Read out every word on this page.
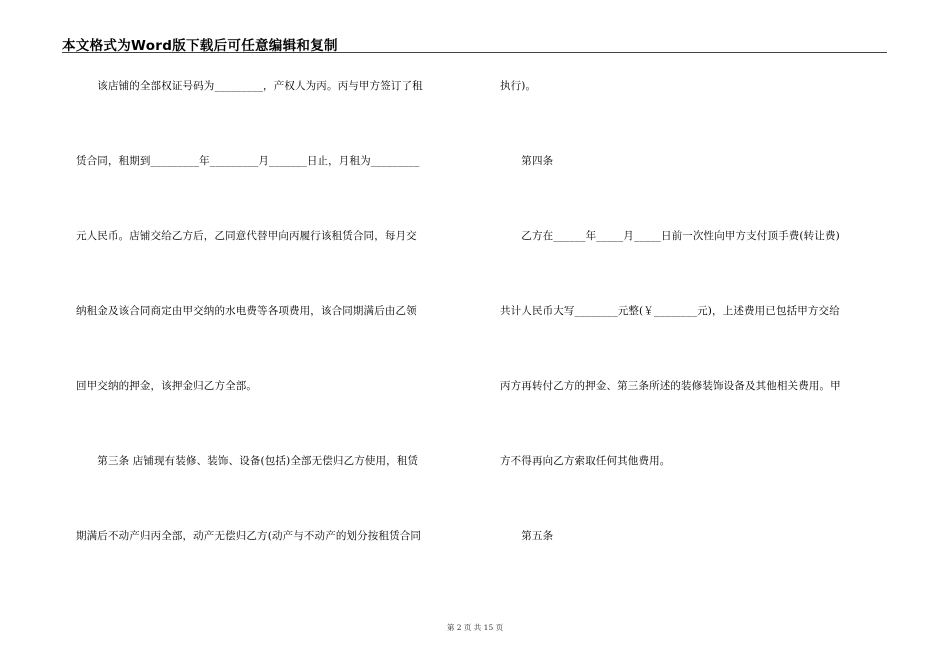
本文格式为Word版下载后可任意编辑和复制
　　该店铺的全部权证号码为_________，产权人为丙。丙与甲方签订了租
赁合同，租期到_________年_________月_______日止，月租为_________
元人民币。店铺交给乙方后，乙同意代替甲向丙履行该租赁合同，每月交
纳租金及该合同商定由甲交纳的水电费等各项费用，该合同期满后由乙领
回甲交纳的押金，该押金归乙方全部。
　　第三条 店铺现有装修、装饰、设备(包括)全部无偿归乙方使用，租赁
期满后不动产归丙全部，动产无偿归乙方(动产与不动产的划分按租赁合同
执行)。
　　第四条
　　乙方在______年_____月_____日前一次性向甲方支付顶手费(转让费)
共计人民币大写________元整(￥________元)，上述费用已包括甲方交给
丙方再转付乙方的押金、第三条所述的装修装饰设备及其他相关费用。甲
方不得再向乙方索取任何其他费用。
　　第五条
第 2 页 共 15 页
